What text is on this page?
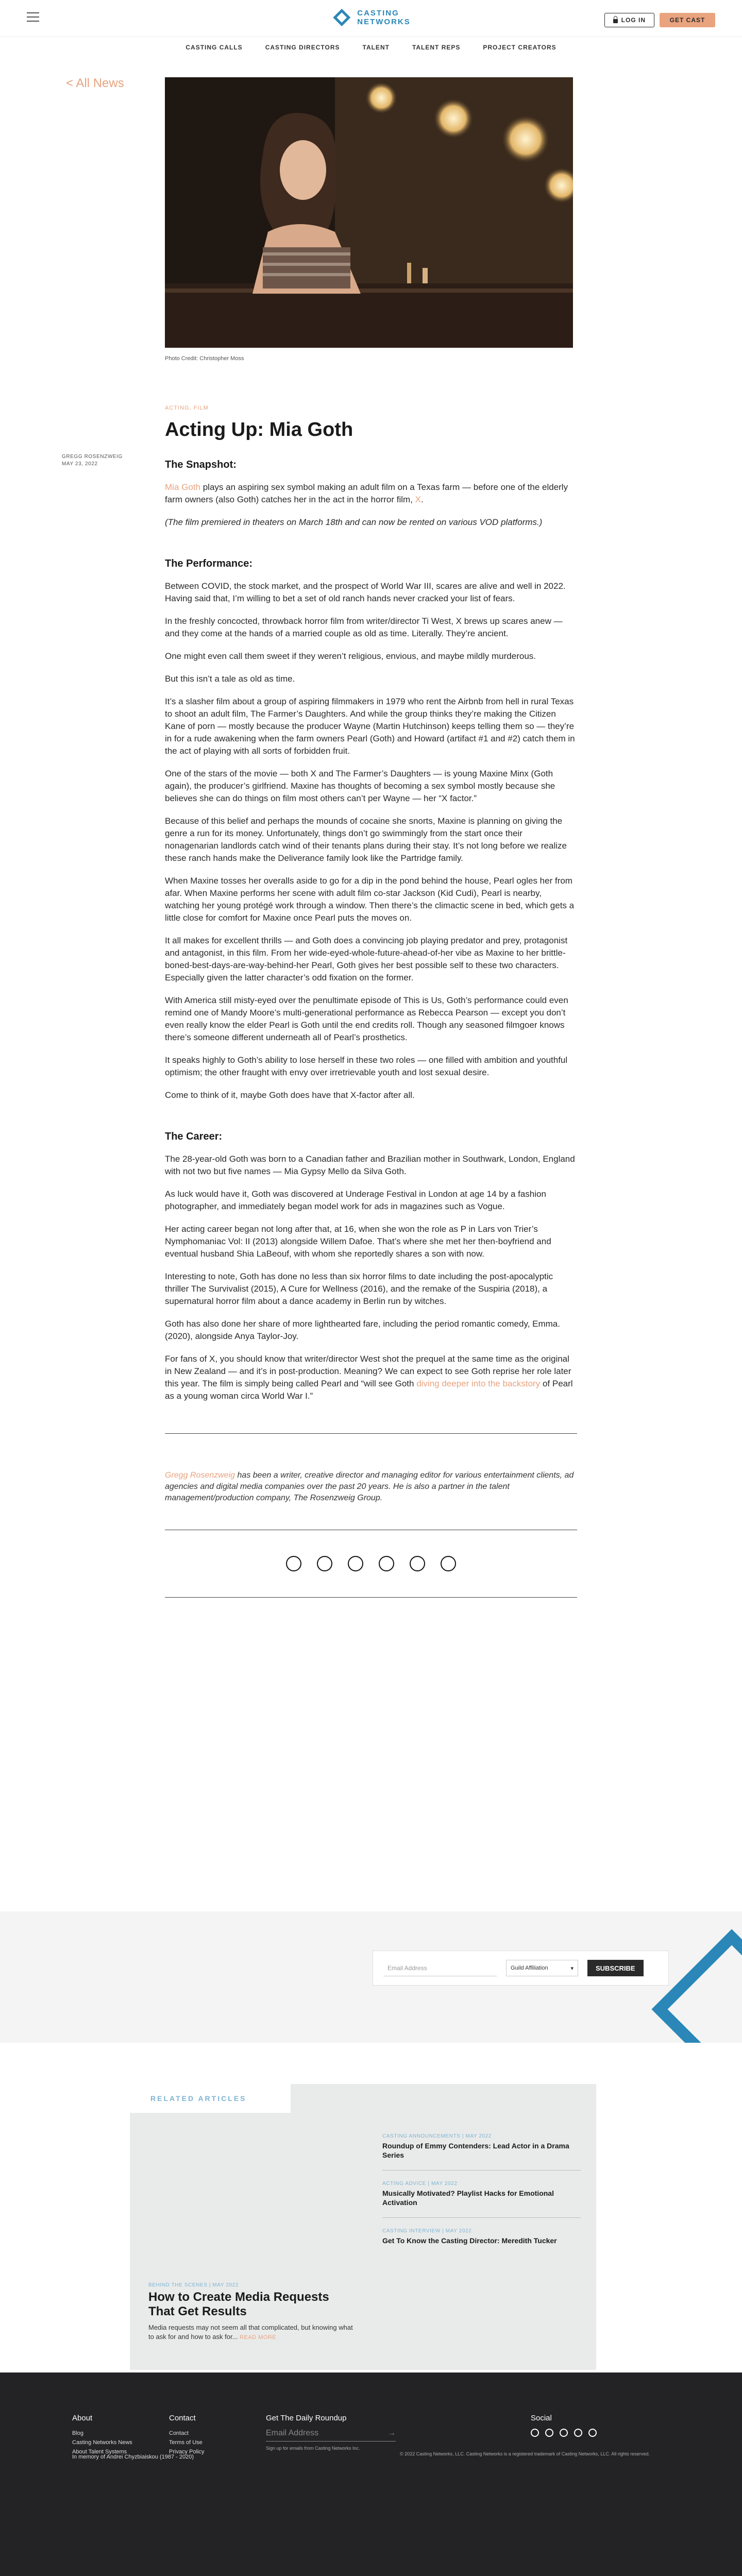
CASTING
NETWORKS	LOG IN	GET CAST
CASTING CALLS	CASTING DIRECTORS	TALENT	TALENT REPS	PROJECT CREATORS
< All News
Photo Credit: Christopher Moss
GREGG ROSENZWEIG
MAY 23, 2022
ACTING, FILM
Acting Up: Mia Goth
The Snapshot:

Mia Goth plays an aspiring sex symbol making an adult film on a Texas farm — before one of the elderly farm owners (also Goth) catches her in the act in the horror film, X.

(The film premiered in theaters on March 18th and can now be rented on various VOD platforms.)

The Performance:

Between COVID, the stock market, and the prospect of World War III, scares are alive and well in 2022. Having said that, I’m willing to bet a set of old ranch hands never cracked your list of fears.

In the freshly concocted, throwback horror film from writer/director Ti West, X brews up scares anew — and they come at the hands of a married couple as old as time. Literally. They’re ancient.

One might even call them sweet if they weren’t religious, envious, and maybe mildly murderous.

But this isn’t a tale as old as time.

It’s a slasher film about a group of aspiring filmmakers in 1979 who rent the Airbnb from hell in rural Texas to shoot an adult film, The Farmer’s Daughters. And while the group thinks they’re making the Citizen Kane of porn — mostly because the producer Wayne (Martin Hutchinson) keeps telling them so — they’re in for a rude awakening when the farm owners Pearl (Goth) and Howard (artifact #1 and #2) catch them in the act of playing with all sorts of forbidden fruit.

One of the stars of the movie — both X and The Farmer’s Daughters — is young Maxine Minx (Goth again), the producer’s girlfriend. Maxine has thoughts of becoming a sex symbol mostly because she believes she can do things on film most others can’t per Wayne — her “X factor.”

Because of this belief and perhaps the mounds of cocaine she snorts, Maxine is planning on giving the genre a run for its money. Unfortunately, things don’t go swimmingly from the start once their nonagenarian landlords catch wind of their tenants plans during their stay. It’s not long before we realize these ranch hands make the Deliverance family look like the Partridge family.

When Maxine tosses her overalls aside to go for a dip in the pond behind the house, Pearl ogles her from afar. When Maxine performs her scene with adult film co-star Jackson (Kid Cudi), Pearl is nearby, watching her young protégé work through a window. Then there’s the climactic scene in bed, which gets a little close for comfort for Maxine once Pearl puts the moves on.

It all makes for excellent thrills — and Goth does a convincing job playing predator and prey, protagonist and antagonist, in this film. From her wide-eyed-whole-future-ahead-of-her vibe as Maxine to her brittle-boned-best-days-are-way-behind-her Pearl, Goth gives her best possible self to these two characters. Especially given the latter character’s odd fixation on the former.

With America still misty-eyed over the penultimate episode of This is Us, Goth’s performance could even remind one of Mandy Moore’s multi-generational performance as Rebecca Pearson — except you don’t even really know the elder Pearl is Goth until the end credits roll. Though any seasoned filmgoer knows there’s someone different underneath all of Pearl’s prosthetics.

It speaks highly to Goth’s ability to lose herself in these two roles — one filled with ambition and youthful optimism; the other fraught with envy over irretrievable youth and lost sexual desire.

Come to think of it, maybe Goth does have that X-factor after all.

The Career:

The 28-year-old Goth was born to a Canadian father and Brazilian mother in Southwark, London, England with not two but five names — Mia Gypsy Mello da Silva Goth.

As luck would have it, Goth was discovered at Underage Festival in London at age 14 by a fashion photographer, and immediately began model work for ads in magazines such as Vogue.

Her acting career began not long after that, at 16, when she won the role as P in Lars von Trier’s Nymphomaniac Vol: II (2013) alongside Willem Dafoe. That’s where she met her then-boyfriend and eventual husband Shia LaBeouf, with whom she reportedly shares a son with now.

Interesting to note, Goth has done no less than six horror films to date including the post-apocalyptic thriller The Survivalist (2015), A Cure for Wellness (2016), and the remake of the Suspiria (2018), a supernatural horror film about a dance academy in Berlin run by witches.

Goth has also done her share of more lighthearted fare, including the period romantic comedy, Emma. (2020), alongside Anya Taylor-Joy.

For fans of X, you should know that writer/director West shot the prequel at the same time as the original in New Zealand — and it’s in post-production. Meaning? We can expect to see Goth reprise her role later this year. The film is simply being called Pearl and “will see Goth diving deeper into the backstory of Pearl as a young woman circa World War I.”

Gregg Rosenzweig has been a writer, creative director and managing editor for various entertainment clients, ad agencies and digital media companies over the past 20 years. He is also a partner in the talent management/production company, The Rosenzweig Group.

Email Address	Guild Affiliation	▾	SUBSCRIBE
RELATED ARTICLES
BEHIND THE SCENES | MAY 2022
How to Create Media Requests That Get Results
Media requests may not seem all that complicated, but knowing what to ask for and how to ask for... READ MORE
CASTING ANNOUNCEMENTS | MAY 2022
Roundup of Emmy Contenders: Lead Actor in a Drama Series
ACTING ADVICE | MAY 2022
Musically Motivated? Playlist Hacks for Emotional Activation
CASTING INTERVIEW | MAY 2022
Get To Know the Casting Director: Meredith Tucker
About
Blog
Casting Networks News
About Talent Systems
Contact
Contact
Terms of Use
Privacy Policy
Get The Daily Roundup
Email Address	→
Sign up for emails from Casting Networks Inc.
Social
In memory of Andrei Chyzbiaiskou (1987 - 2020)	© 2022 Casting Networks, LLC. Casting Networks is a registered trademark of Casting Networks, LLC. All rights reserved.
